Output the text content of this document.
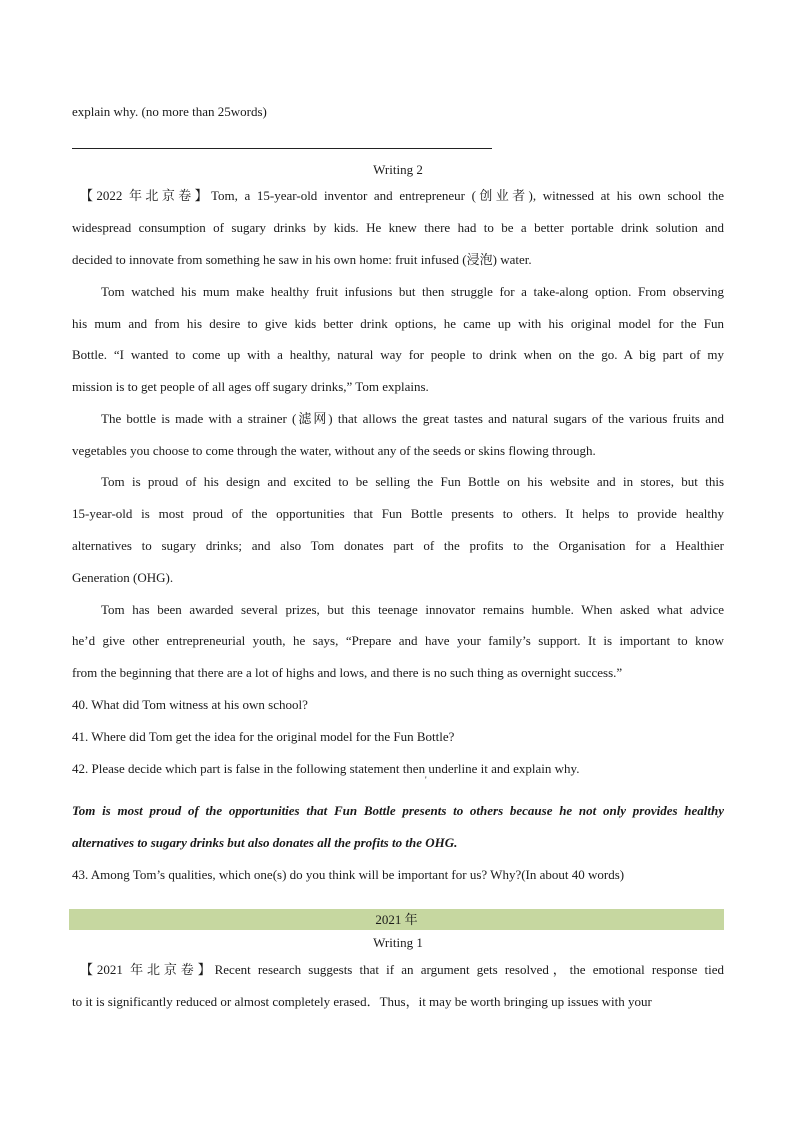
explain why. (no more than 25words)
Writing 2
【2022 年北京卷】Tom, a 15-year-old inventor and entrepreneur (创业者), witnessed at his own school the
widespread consumption of sugary drinks by kids. He knew there had to be a better portable drink solution and
decided to innovate from something he saw in his own home: fruit infused (浸泡) water.
Tom watched his mum make healthy fruit infusions but then struggle for a take-along option. From observing
his mum and from his desire to give kids better drink options, he came up with his original model for the Fun
Bottle. “I wanted to come up with a healthy, natural way for people to drink when on the go. A big part of my
mission is to get people of all ages off sugary drinks,” Tom explains.
The bottle is made with a strainer (滤网) that allows the great tastes and natural sugars of the various fruits and
vegetables you choose to come through the water, without any of the seeds or skins flowing through.
Tom is proud of his design and excited to be selling the Fun Bottle on his website and in stores, but this
15-year-old is most proud of the opportunities that Fun Bottle presents to others. It helps to provide healthy
alternatives to sugary drinks; and also Tom donates part of the profits to the Organisation for a Healthier
Generation (OHG).
Tom has been awarded several prizes, but this teenage innovator remains humble. When asked what advice
he’d give other entrepreneurial youth, he says, “Prepare and have your family’s support. It is important to know
from the beginning that there are a lot of highs and lows, and there is no such thing as overnight success.”
40. What did Tom witness at his own school?
41. Where did Tom get the idea for the original model for the Fun Bottle?
42. Please decide which part is false in the following statement then underline it and explain why.
'
Tom is most proud of the opportunities that Fun Bottle presents to others because he not only provides healthy
alternatives to sugary drinks but also donates all the profits to the OHG.
43. Among Tom’s qualities, which one(s) do you think will be important for us? Why?(In about 40 words)
2021 年
Writing 1
【2021 年北京卷】Recent research suggests that if an argument gets resolved，the emotional response tied
to it is significantly reduced or almost completely erased．Thus，it may be worth bringing up issues with your
